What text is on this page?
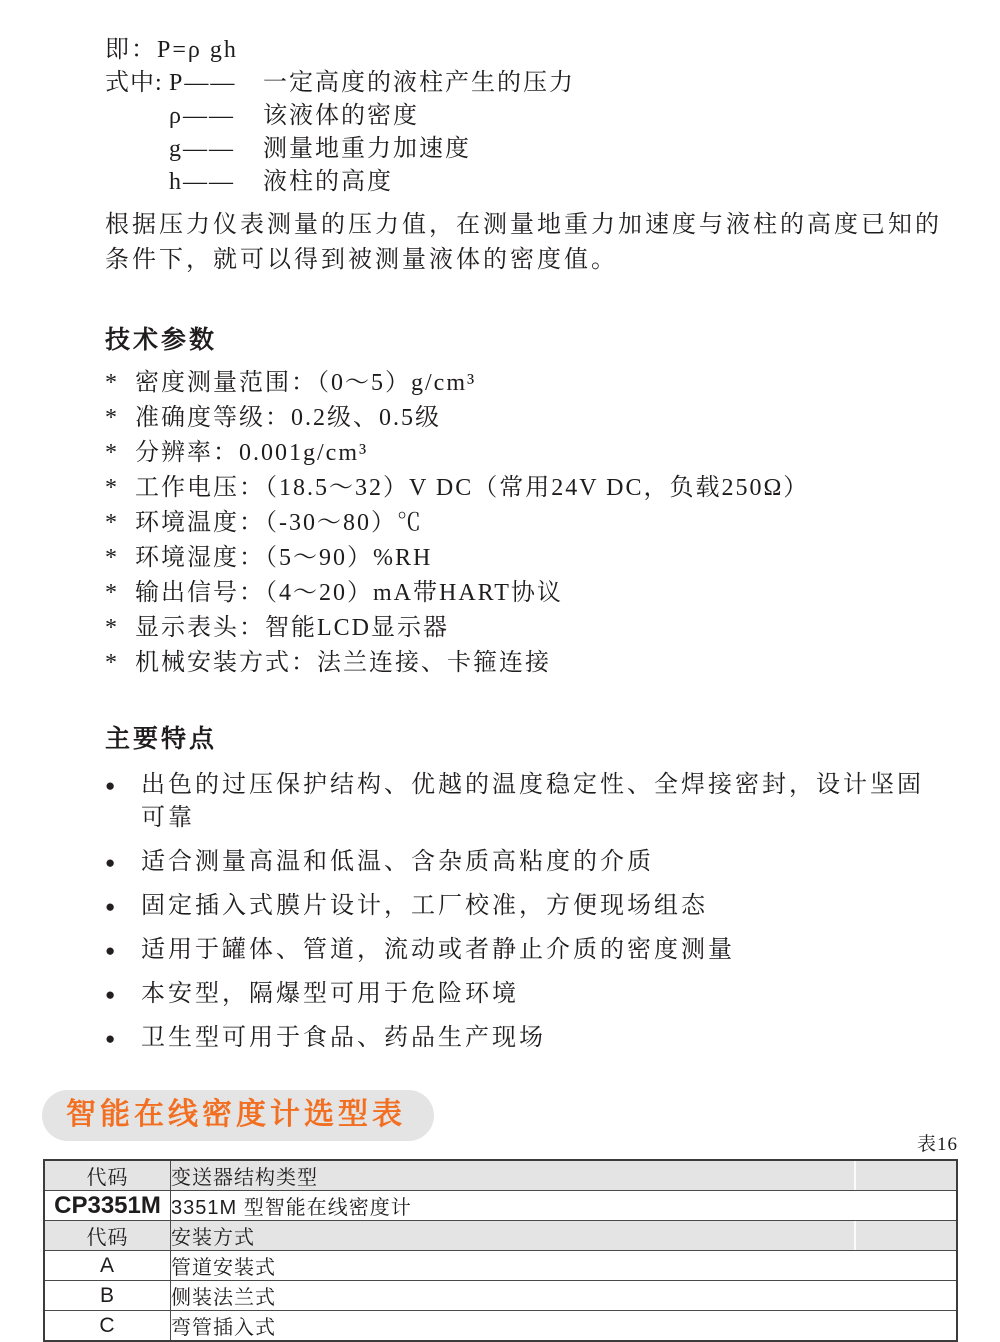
即：P=ρ gh
式中: P——	一定高度的液柱产生的压力
ρ——	该液体的密度
g——	测量地重力加速度
h——	液柱的高度
根据压力仪表测量的压力值，在测量地重力加速度与液柱的高度已知的条件下，就可以得到被测量液体的密度值。
技术参数
* 密度测量范围：（0～5）g/cm³
* 准确度等级：0.2级、0.5级
* 分辨率：0.001g/cm³
* 工作电压：（18.5～32）V DC（常用24V DC，负载250Ω）
* 环境温度：（-30～80）℃
* 环境湿度：（5～90）%RH
* 输出信号：（4～20）mA带HART协议
* 显示表头：智能LCD显示器
* 机械安装方式：法兰连接、卡箍连接
主要特点
● 出色的过压保护结构、优越的温度稳定性、全焊接密封，设计坚固可靠
● 适合测量高温和低温、含杂质高粘度的介质
● 固定插入式膜片设计，工厂校准，方便现场组态
● 适用于罐体、管道，流动或者静止介质的密度测量
● 本安型，隔爆型可用于危险环境
● 卫生型可用于食品、药品生产现场
智能在线密度计选型表
表16
代码	变送器结构类型
CP3351M	3351M 型智能在线密度计
代码	安装方式
A	管道安装式
B	侧装法兰式
C	弯管插入式
